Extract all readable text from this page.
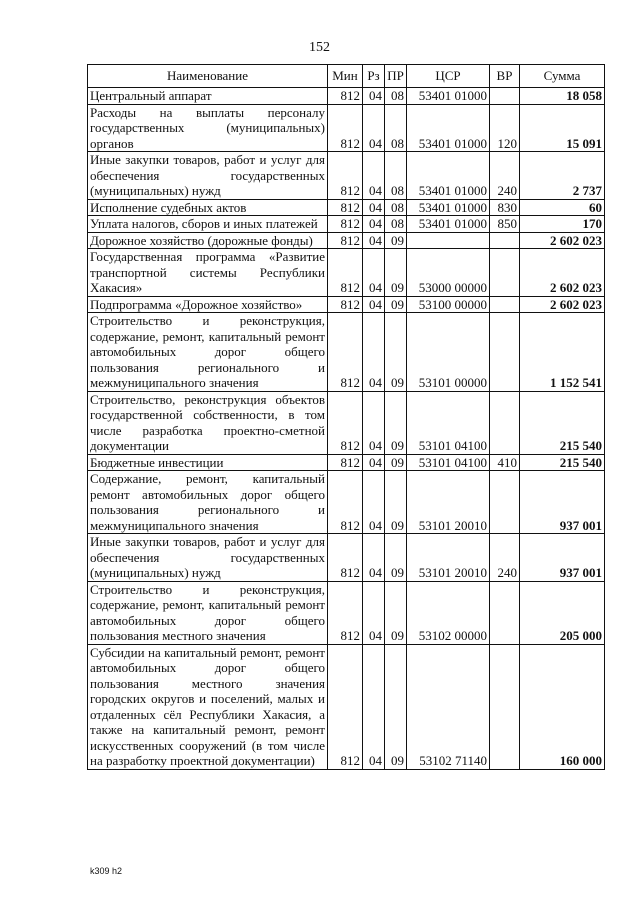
152
Наименование	Мин	Рз	ПР	ЦСР	ВР	Сумма
Центральный аппарат	812	04	08	53401 01000		18 058
Расходы на выплаты персоналу государственных (муниципальных) органов	812	04	08	53401 01000	120	15 091
Иные закупки товаров, работ и услуг для обеспечения государственных (муниципальных) нужд	812	04	08	53401 01000	240	2 737
Исполнение судебных актов	812	04	08	53401 01000	830	60
Уплата налогов, сборов и иных платежей	812	04	08	53401 01000	850	170
Дорожное хозяйство (дорожные фонды)	812	04	09			2 602 023
Государственная программа «Развитие транспортной системы Республики Хакасия»	812	04	09	53000 00000		2 602 023
Подпрограмма «Дорожное хозяйство»	812	04	09	53100 00000		2 602 023
Строительство и реконструкция, содержание, ремонт, капитальный ремонт автомобильных дорог общего пользования регионального и межмуниципального значения	812	04	09	53101 00000		1 152 541
Строительство, реконструкция объектов государственной собственности, в том числе разработка проектно-сметной документации	812	04	09	53101 04100		215 540
Бюджетные инвестиции	812	04	09	53101 04100	410	215 540
Содержание, ремонт, капитальный ремонт автомобильных дорог общего пользования регионального и межмуниципального значения	812	04	09	53101 20010		937 001
Иные закупки товаров, работ и услуг для обеспечения государственных (муниципальных) нужд	812	04	09	53101 20010	240	937 001
Строительство и реконструкция, содержание, ремонт, капитальный ремонт автомобильных дорог общего пользования местного значения	812	04	09	53102 00000		205 000
Субсидии на капитальный ремонт, ремонт автомобильных дорог общего пользования местного значения городских округов и поселений, малых и отдаленных сёл Республики Хакасия, а также на капитальный ремонт, ремонт искусственных сооружений (в том числе на разработку проектной документации)	812	04	09	53102 71140		160 000
k309 h2
